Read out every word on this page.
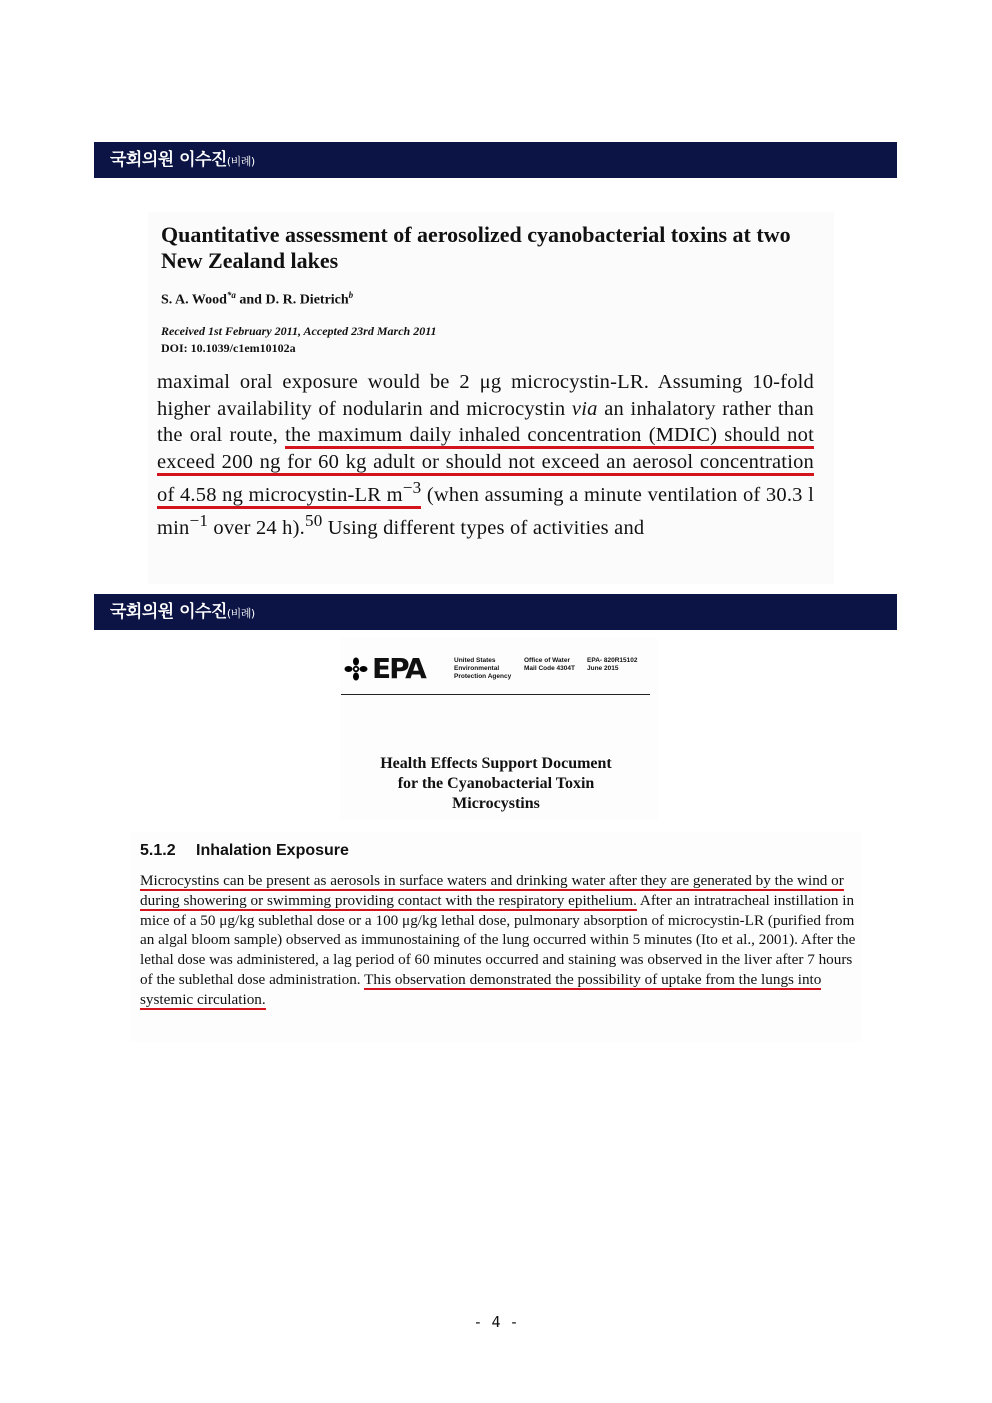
국회의원 이수진(비례)
Quantitative assessment of aerosolized cyanobacterial toxins at two New Zealand lakes
S. A. Wood$^{*a}$ and D. R. Dietrich$^b$
Received 1st February 2011, Accepted 23rd March 2011
DOI: 10.1039/c1em10102a

maximal oral exposure would be 2 μg microcystin-LR. Assuming 10-fold higher availability of nodularin and microcystin via an inhalatory rather than the oral route, the maximum daily inhaled concentration (MDIC) should not exceed 200 ng for 60 kg adult or should not exceed an aerosol concentration of 4.58 ng microcystin-LR $m^{-3}$ (when assuming a minute ventilation of 30.3 l $\min^{-1}$ over 24 h).$^{50}$ Using different types of activities and

국회의원 이수진(비례)
EPA	United States
Environmental
Protection Agency
Office of Water
Mail Code 4304T
EPA- 820R15102
June 2015
Health Effects Support Document
for the Cyanobacterial Toxin
Microcystins
5.1.2 Inhalation Exposure

Microcystins can be present as aerosols in surface waters and drinking water after they are generated by the wind or during showering or swimming providing contact with the respiratory epithelium. After an intratracheal instillation in mice of a 50 μg/kg sublethal dose or a 100 μg/kg lethal dose, pulmonary absorption of microcystin-LR (purified from an algal bloom sample) observed as immunostaining of the lung occurred within 5 minutes (Ito et al., 2001). After the lethal dose was administered, a lag period of 60 minutes occurred and staining was observed in the liver after 7 hours of the sublethal dose administration. This observation demonstrated the possibility of uptake from the lungs into systemic circulation.

- 4 -
